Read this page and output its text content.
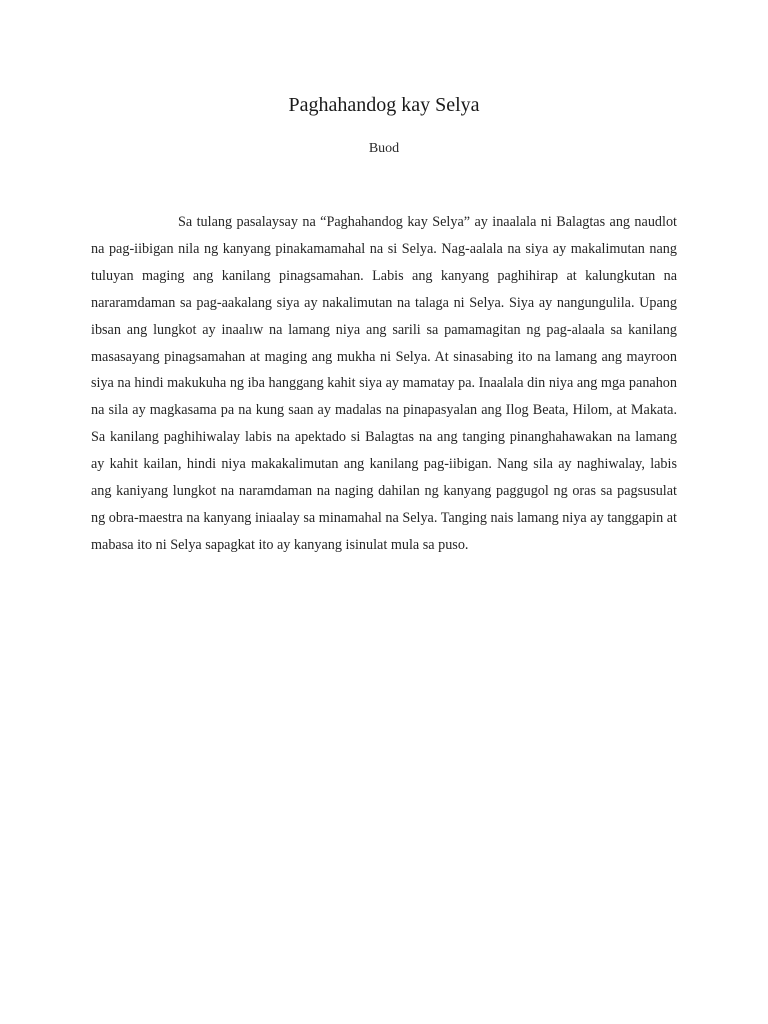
Paghahandog kay Selya
Buod

Sa tulang pasalaysay na “Paghahandog kay Selya” ay inaalala ni Balagtas ang naudlot na pag-iibigan nila ng kanyang pinakamamahal na si Selya. Nag-aalala na siya ay makalimutan nang tuluyan maging ang kanilang pinagsamahan. Labis ang kanyang paghihirap at kalungkutan na nararamdaman sa pag-aakalang siya ay nakalimutan na talaga ni Selya. Siya ay nangungulila. Upang ibsan ang lungkot ay inaalıw na lamang niya ang sarili sa pamamagitan ng pag-alaala sa kanilang masasayang pinagsamahan at maging ang mukha ni Selya. At sinasabing ito na lamang ang mayroon siya na hindi makukuha ng iba hanggang kahit siya ay mamatay pa. Inaalala din niya ang mga panahon na sila ay magkasama pa na kung saan ay madalas na pinapasyalan ang Ilog Beata, Hilom, at Makata. Sa kanilang paghihiwalay labis na apektado si Balagtas na ang tanging pinanghahawakan na lamang ay kahit kailan, hindi niya makakalimutan ang kanilang pag-iibigan. Nang sila ay naghiwalay, labis ang kaniyang lungkot na naramdaman na naging dahilan ng kanyang paggugol ng oras sa pagsusulat ng obra-maestra na kanyang iniaalay sa minamahal na Selya. Tanging nais lamang niya ay tanggapin at mabasa ito ni Selya sapagkat ito ay kanyang isinulat mula sa puso.
